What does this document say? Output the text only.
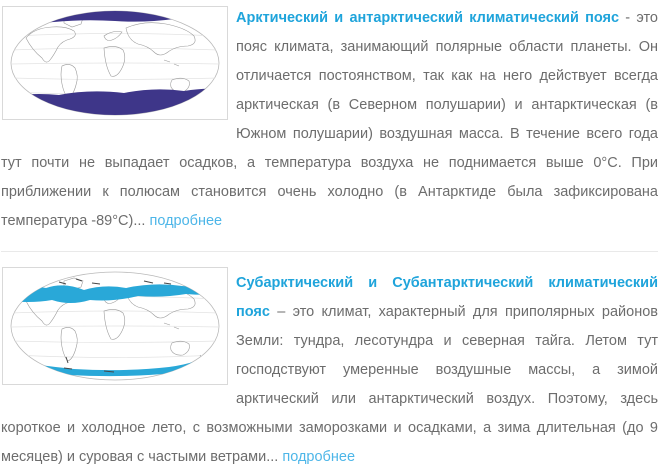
Арктический и антарктический климатический пояс - это пояс климата, занимающий полярные области планеты. Он отличается постоянством, так как на него действует всегда арктическая (в Северном полушарии) и антарктическая (в Южном полушарии) воздушная масса. В течение всего года тут почти не выпадает осадков, а температура воздуха не поднимается выше 0°С. При приближении к полюсам становится очень холодно (в Антарктиде была зафиксирована температура -89°С)... подробнее

Субарктический и Субантарктический климатический пояс – это климат, характерный для приполярных районов Земли: тундра, лесотундра и северная тайга. Летом тут господствуют умеренные воздушные массы, а зимой арктический или антарктический воздух. Поэтому, здесь короткое и холодное лето, с возможными заморозками и осадками, а зима длительная (до 9 месяцев) и суровая с частыми ветрами... подробнее
